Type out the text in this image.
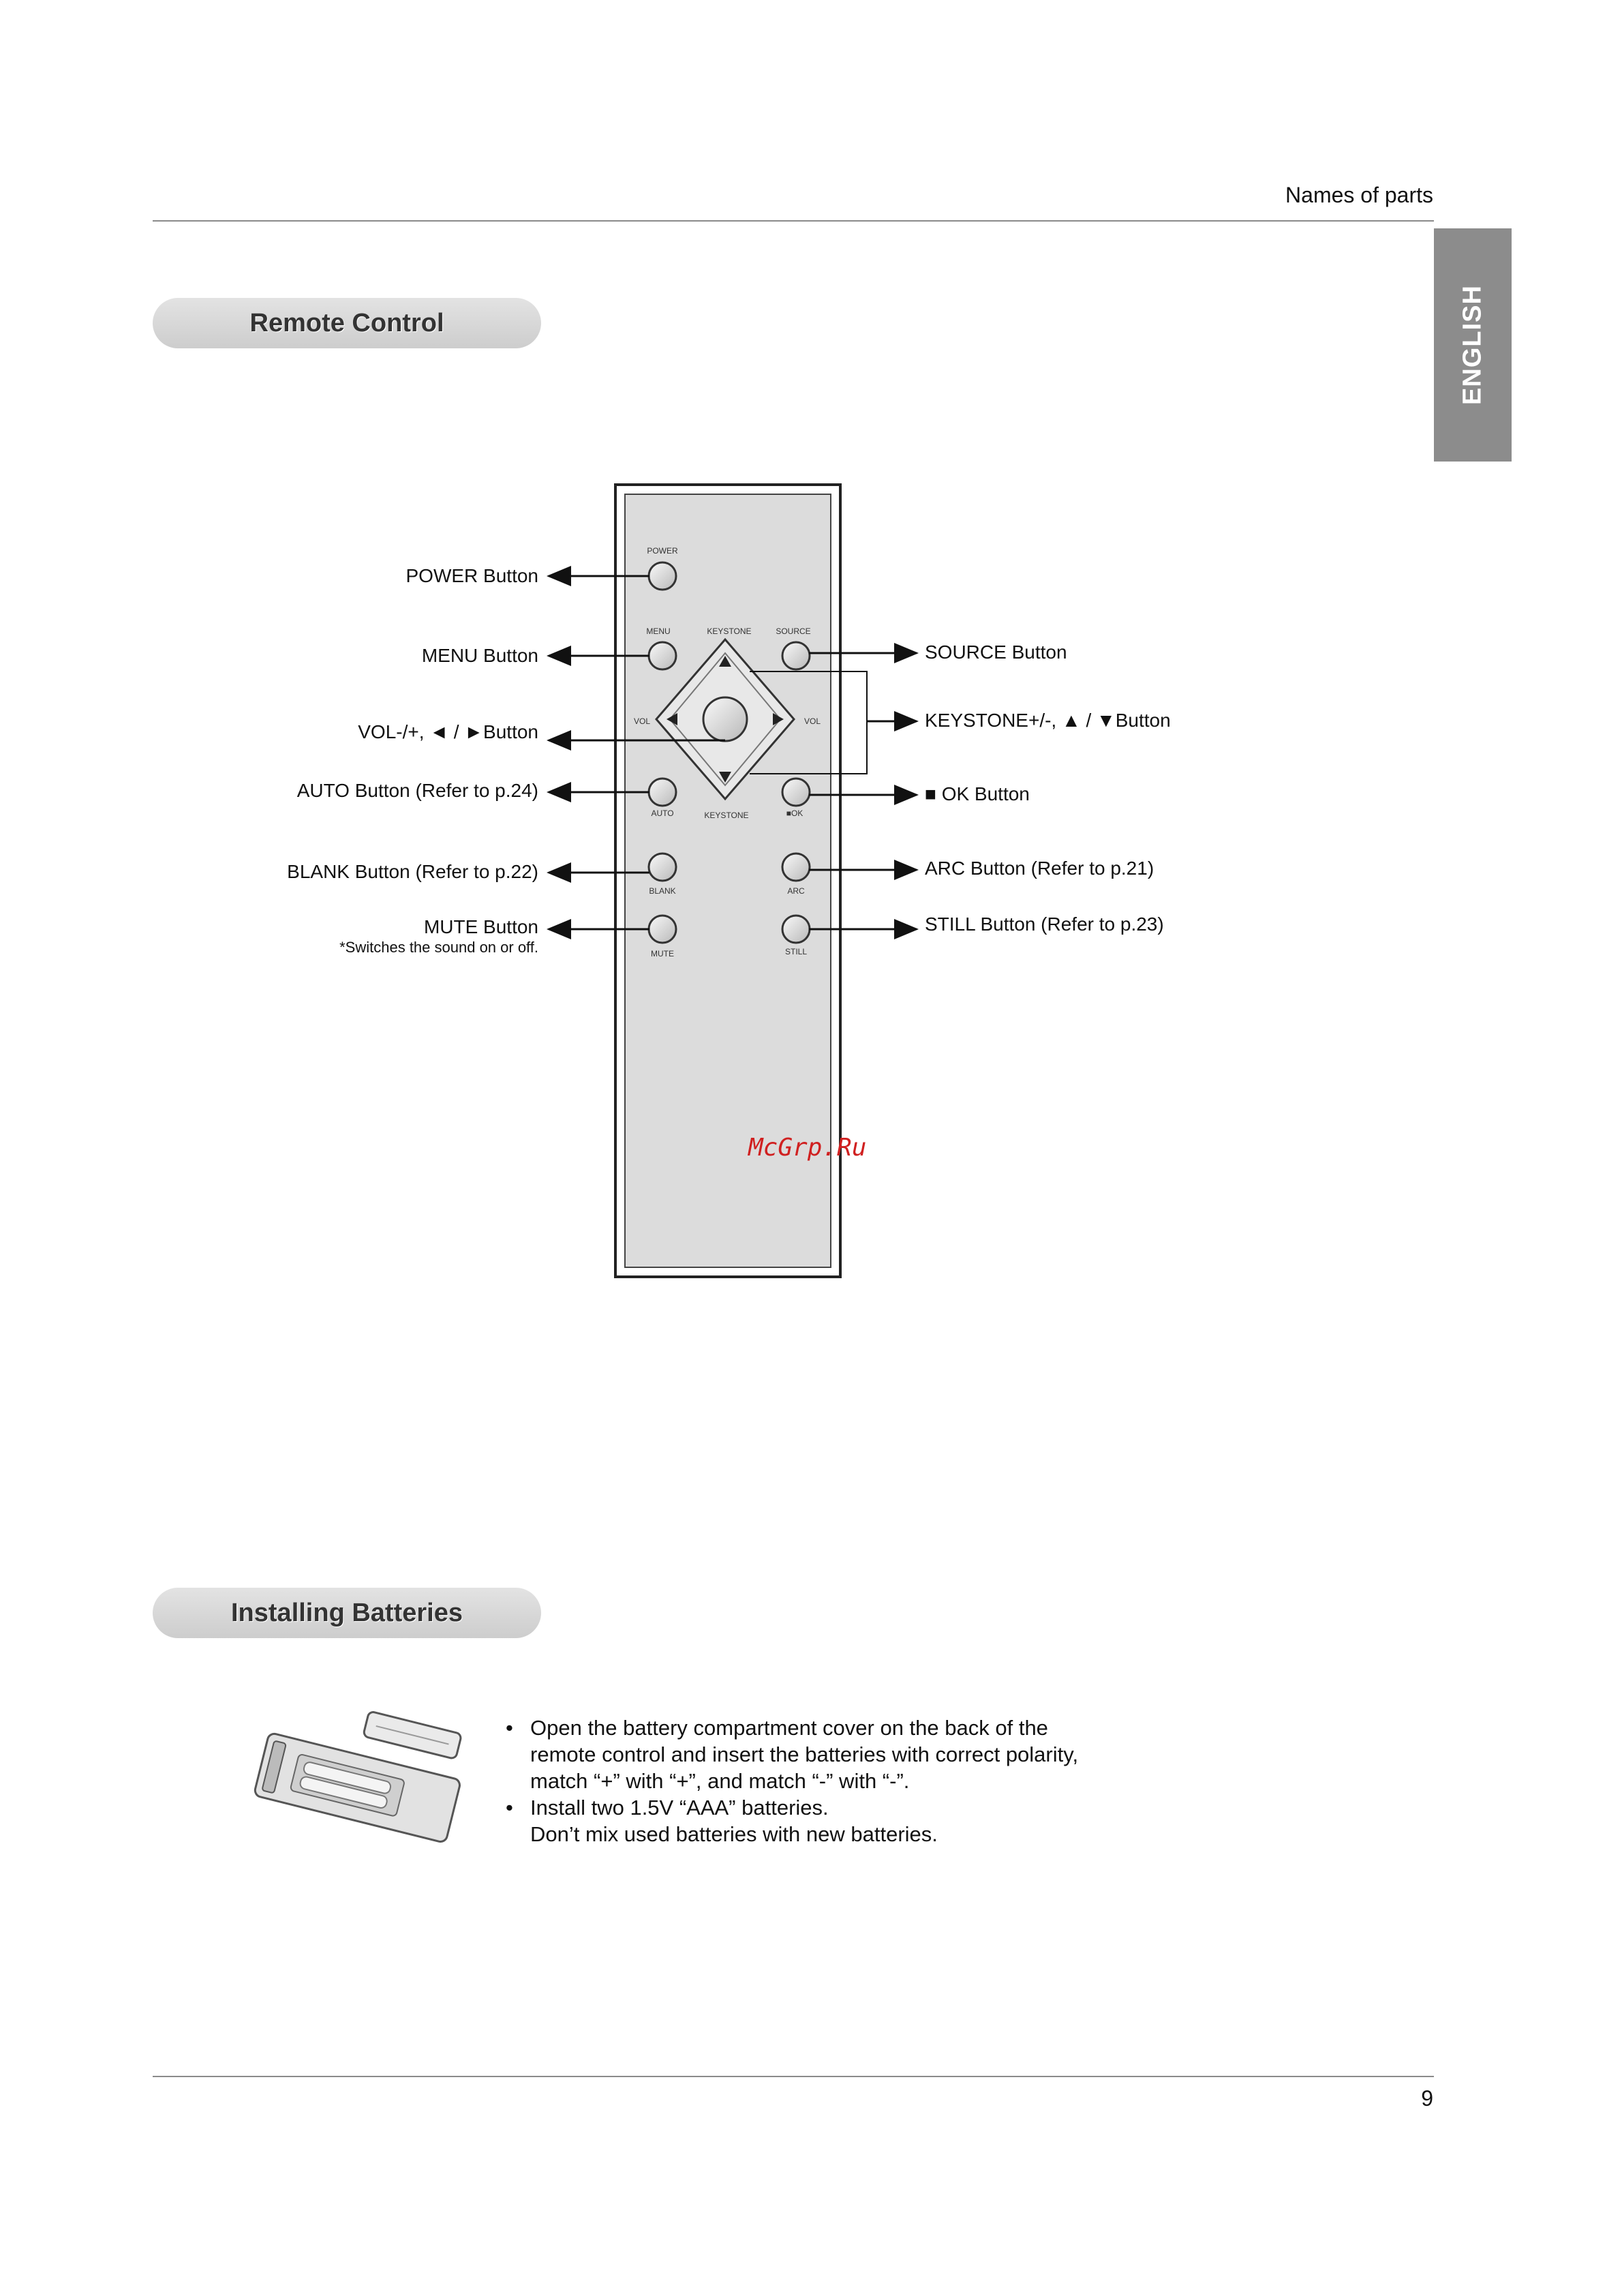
Names of parts
ENGLISH
Remote Control
POWER
MENU	KEYSTONE	SOURCE
VOL	VOL
AUTO	KEYSTONE	■OK
BLANK	ARC
MUTE	STILL
POWER Button
MENU Button
VOL-/+, ◄ / ►Button
AUTO Button (Refer to p.24)
BLANK Button (Refer to p.22)
MUTE Button
*Switches the sound on or off.
SOURCE Button
KEYSTONE+/-, ▲ / ▼Button
■ OK Button
ARC Button (Refer to p.21)
STILL Button (Refer to p.23)
McGrp.Ru
Installing Batteries
• Open the battery compartment cover on the back of the
remote control and insert the batteries with correct polarity,
match “+” with “+”, and match “-” with “-”.
• Install two 1.5V “AAA” batteries.
Don’t mix used batteries with new batteries.
9
